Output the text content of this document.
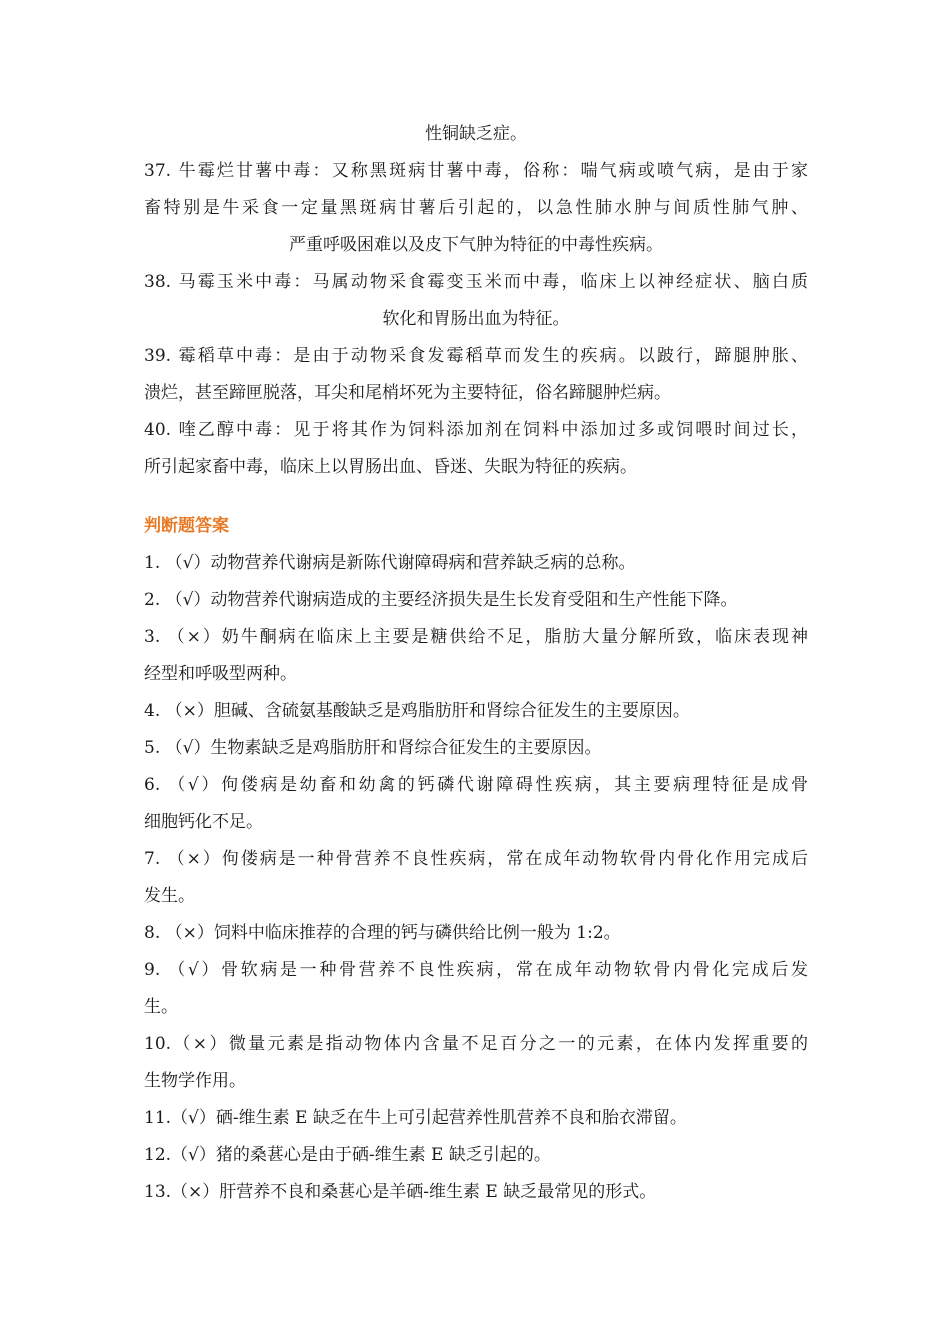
性铜缺乏症。
37. 牛霉烂甘薯中毒：又称黑斑病甘薯中毒，俗称：喘气病或喷气病，是由于家
畜特别是牛采食一定量黑斑病甘薯后引起的，以急性肺水肿与间质性肺气肿、
严重呼吸困难以及皮下气肿为特征的中毒性疾病。
38. 马霉玉米中毒：马属动物采食霉变玉米而中毒，临床上以神经症状、脑白质
软化和胃肠出血为特征。
39. 霉稻草中毒：是由于动物采食发霉稻草而发生的疾病。以跛行，蹄腿肿胀、
溃烂，甚至蹄匣脱落，耳尖和尾梢坏死为主要特征，俗名蹄腿肿烂病。
40. 喹乙醇中毒：见于将其作为饲料添加剂在饲料中添加过多或饲喂时间过长，
所引起家畜中毒，临床上以胃肠出血、昏迷、失眠为特征的疾病。
判断题答案
1. （√）动物营养代谢病是新陈代谢障碍病和营养缺乏病的总称。
2. （√）动物营养代谢病造成的主要经济损失是生长发育受阻和生产性能下降。
3. （×）奶牛酮病在临床上主要是糖供给不足，脂肪大量分解所致，临床表现神
经型和呼吸型两种。
4. （×）胆碱、含硫氨基酸缺乏是鸡脂肪肝和肾综合征发生的主要原因。
5. （√）生物素缺乏是鸡脂肪肝和肾综合征发生的主要原因。
6. （√）佝偻病是幼畜和幼禽的钙磷代谢障碍性疾病，其主要病理特征是成骨
细胞钙化不足。
7. （×）佝偻病是一种骨营养不良性疾病，常在成年动物软骨内骨化作用完成后
发生。
8. （×）饲料中临床推荐的合理的钙与磷供给比例一般为 1:2。
9. （√）骨软病是一种骨营养不良性疾病，常在成年动物软骨内骨化完成后发
生。
10.（×）微量元素是指动物体内含量不足百分之一的元素，在体内发挥重要的
生物学作用。
11.（√）硒-维生素 E 缺乏在牛上可引起营养性肌营养不良和胎衣滞留。
12.（√）猪的桑葚心是由于硒-维生素 E 缺乏引起的。
13.（×）肝营养不良和桑葚心是羊硒-维生素 E 缺乏最常见的形式。
